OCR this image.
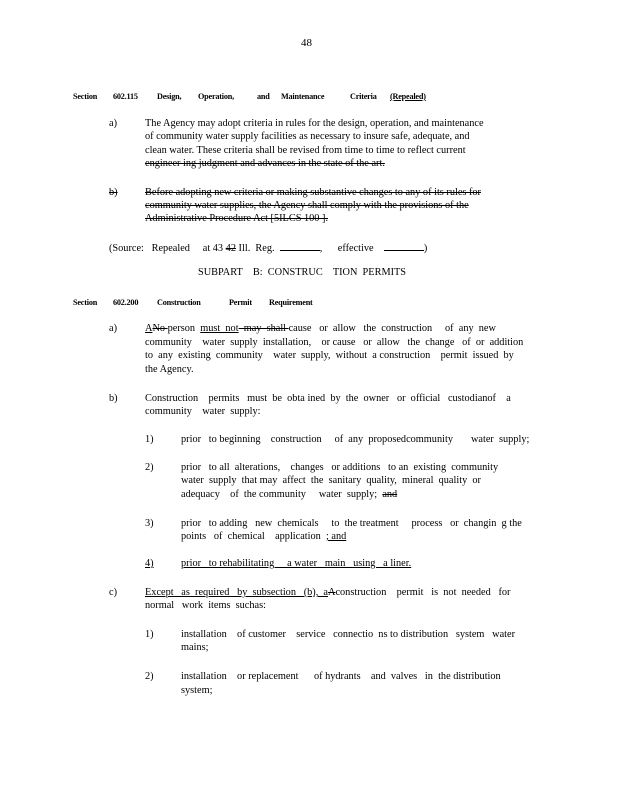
48
Section 602.115 Design, Operation,	and Maintenance	Criteria (Repealed)
a)	The Agency may adopt criteria in rules for the design, operation, and maintenance
of community water supply facilities as necessary to insure safe, adequate, and
clean water. These criteria shall be revised from time to time to reflect current
engineer ing judgment and advances in the state of the art.
b)	Before adopting new criteria or making substantive changes to any of its rules for
community water supplies, the Agency shall comply with the provisions of the
Administrative Procedure Act [5ILCS 100 ].
(Source:   Repealed     at 43 42 Ill.  Reg.	,      effective	)
SUBPART    B:  CONSTRUC    TION  PERMITS
Section 602.200 Construction	Permit Requirement
a)	ANo person  must  not  may  shall cause   or  allow   the  construction     of  any  new
community    water  supply  installation,    or cause   or  allow   the  change   of  or  addition
to  any  existing  community    water  supply,  without  a construction    permit  issued  by
the Agency.
b)	Construction    permits   must  be  obta ined  by  the  owner   or  official   custodianof    a
community    water  supply:
1)	prior   to beginning    construction     of  any  proposedcommunity       water  supply;
2)	prior   to all  alterations,    changes   or additions   to an  existing  community
water  supply  that may  affect  the  sanitary  quality,  mineral  quality  or
adequacy    of  the community     water  supply; and
3)	prior   to adding   new  chemicals     to  the treatment     process   or  changin  g the
points   of  chemical    application ; and
4)	prior   to rehabilitating     a water   main   using   a liner.
c)	Except   as  required   by  subsection   (b),  aAconstruction    permit   is  not  needed   for
normal   work  items  suchas:
1)	installation    of customer    service   connectio  ns to distribution   system   water
mains;
2)	installation    or replacement      of hydrants    and  valves   in  the distribution
system;
